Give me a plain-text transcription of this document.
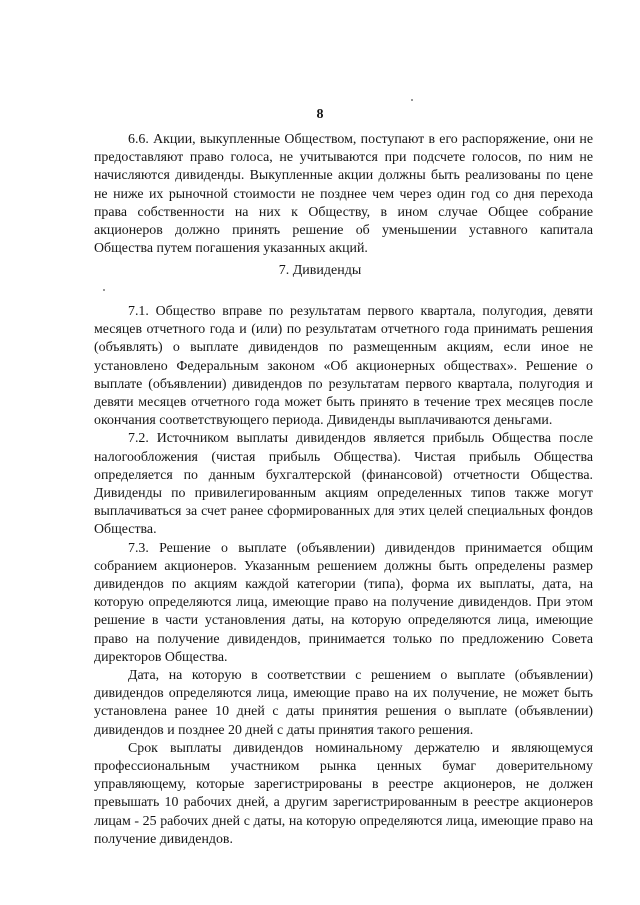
8

6.6. Акции, выкупленные Обществом, поступают в его распоряжение, они не предоставляют право голоса, не учитываются при подсчете голосов, по ним не начисляются дивиденды. Выкупленные акции должны быть реализованы по цене не ниже их рыночной стоимости не позднее чем через один год со дня перехода права собственности на них к Обществу, в ином случае Общее собрание акционеров должно принять решение об уменьшении уставного капитала Общества путем погашения указанных акций.

7. Дивиденды

7.1. Общество вправе по результатам первого квартала, полугодия, девяти месяцев отчетного года и (или) по результатам отчетного года принимать решения (объявлять) о выплате дивидендов по размещенным акциям, если иное не установлено Федеральным законом «Об акционерных обществах». Решение о выплате (объявлении) дивидендов по результатам первого квартала, полугодия и девяти месяцев отчетного года может быть принято в течение трех месяцев после окончания соответствующего периода. Дивиденды выплачиваются деньгами.

7.2. Источником выплаты дивидендов является прибыль Общества после налогообложения (чистая прибыль Общества). Чистая прибыль Общества определяется по данным бухгалтерской (финансовой) отчетности Общества. Дивиденды по привилегированным акциям определенных типов также могут выплачиваться за счет ранее сформированных для этих целей специальных фондов Общества.

7.3. Решение о выплате (объявлении) дивидендов принимается общим собранием акционеров. Указанным решением должны быть определены размер дивидендов по акциям каждой категории (типа), форма их выплаты, дата, на которую определяются лица, имеющие право на получение дивидендов. При этом решение в части установления даты, на которую определяются лица, имеющие право на получение дивидендов, принимается только по предложению Совета директоров Общества.

Дата, на которую в соответствии с решением о выплате (объявлении) дивидендов определяются лица, имеющие право на их получение, не может быть установлена ранее 10 дней с даты принятия решения о выплате (объявлении) дивидендов и позднее 20 дней с даты принятия такого решения.

Срок выплаты дивидендов номинальному держателю и являющемуся профессиональным участником рынка ценных бумаг доверительному управляющему, которые зарегистрированы в реестре акционеров, не должен превышать 10 рабочих дней, а другим зарегистрированным в реестре акционеров лицам - 25 рабочих дней с даты, на которую определяются лица, имеющие право на получение дивидендов.
